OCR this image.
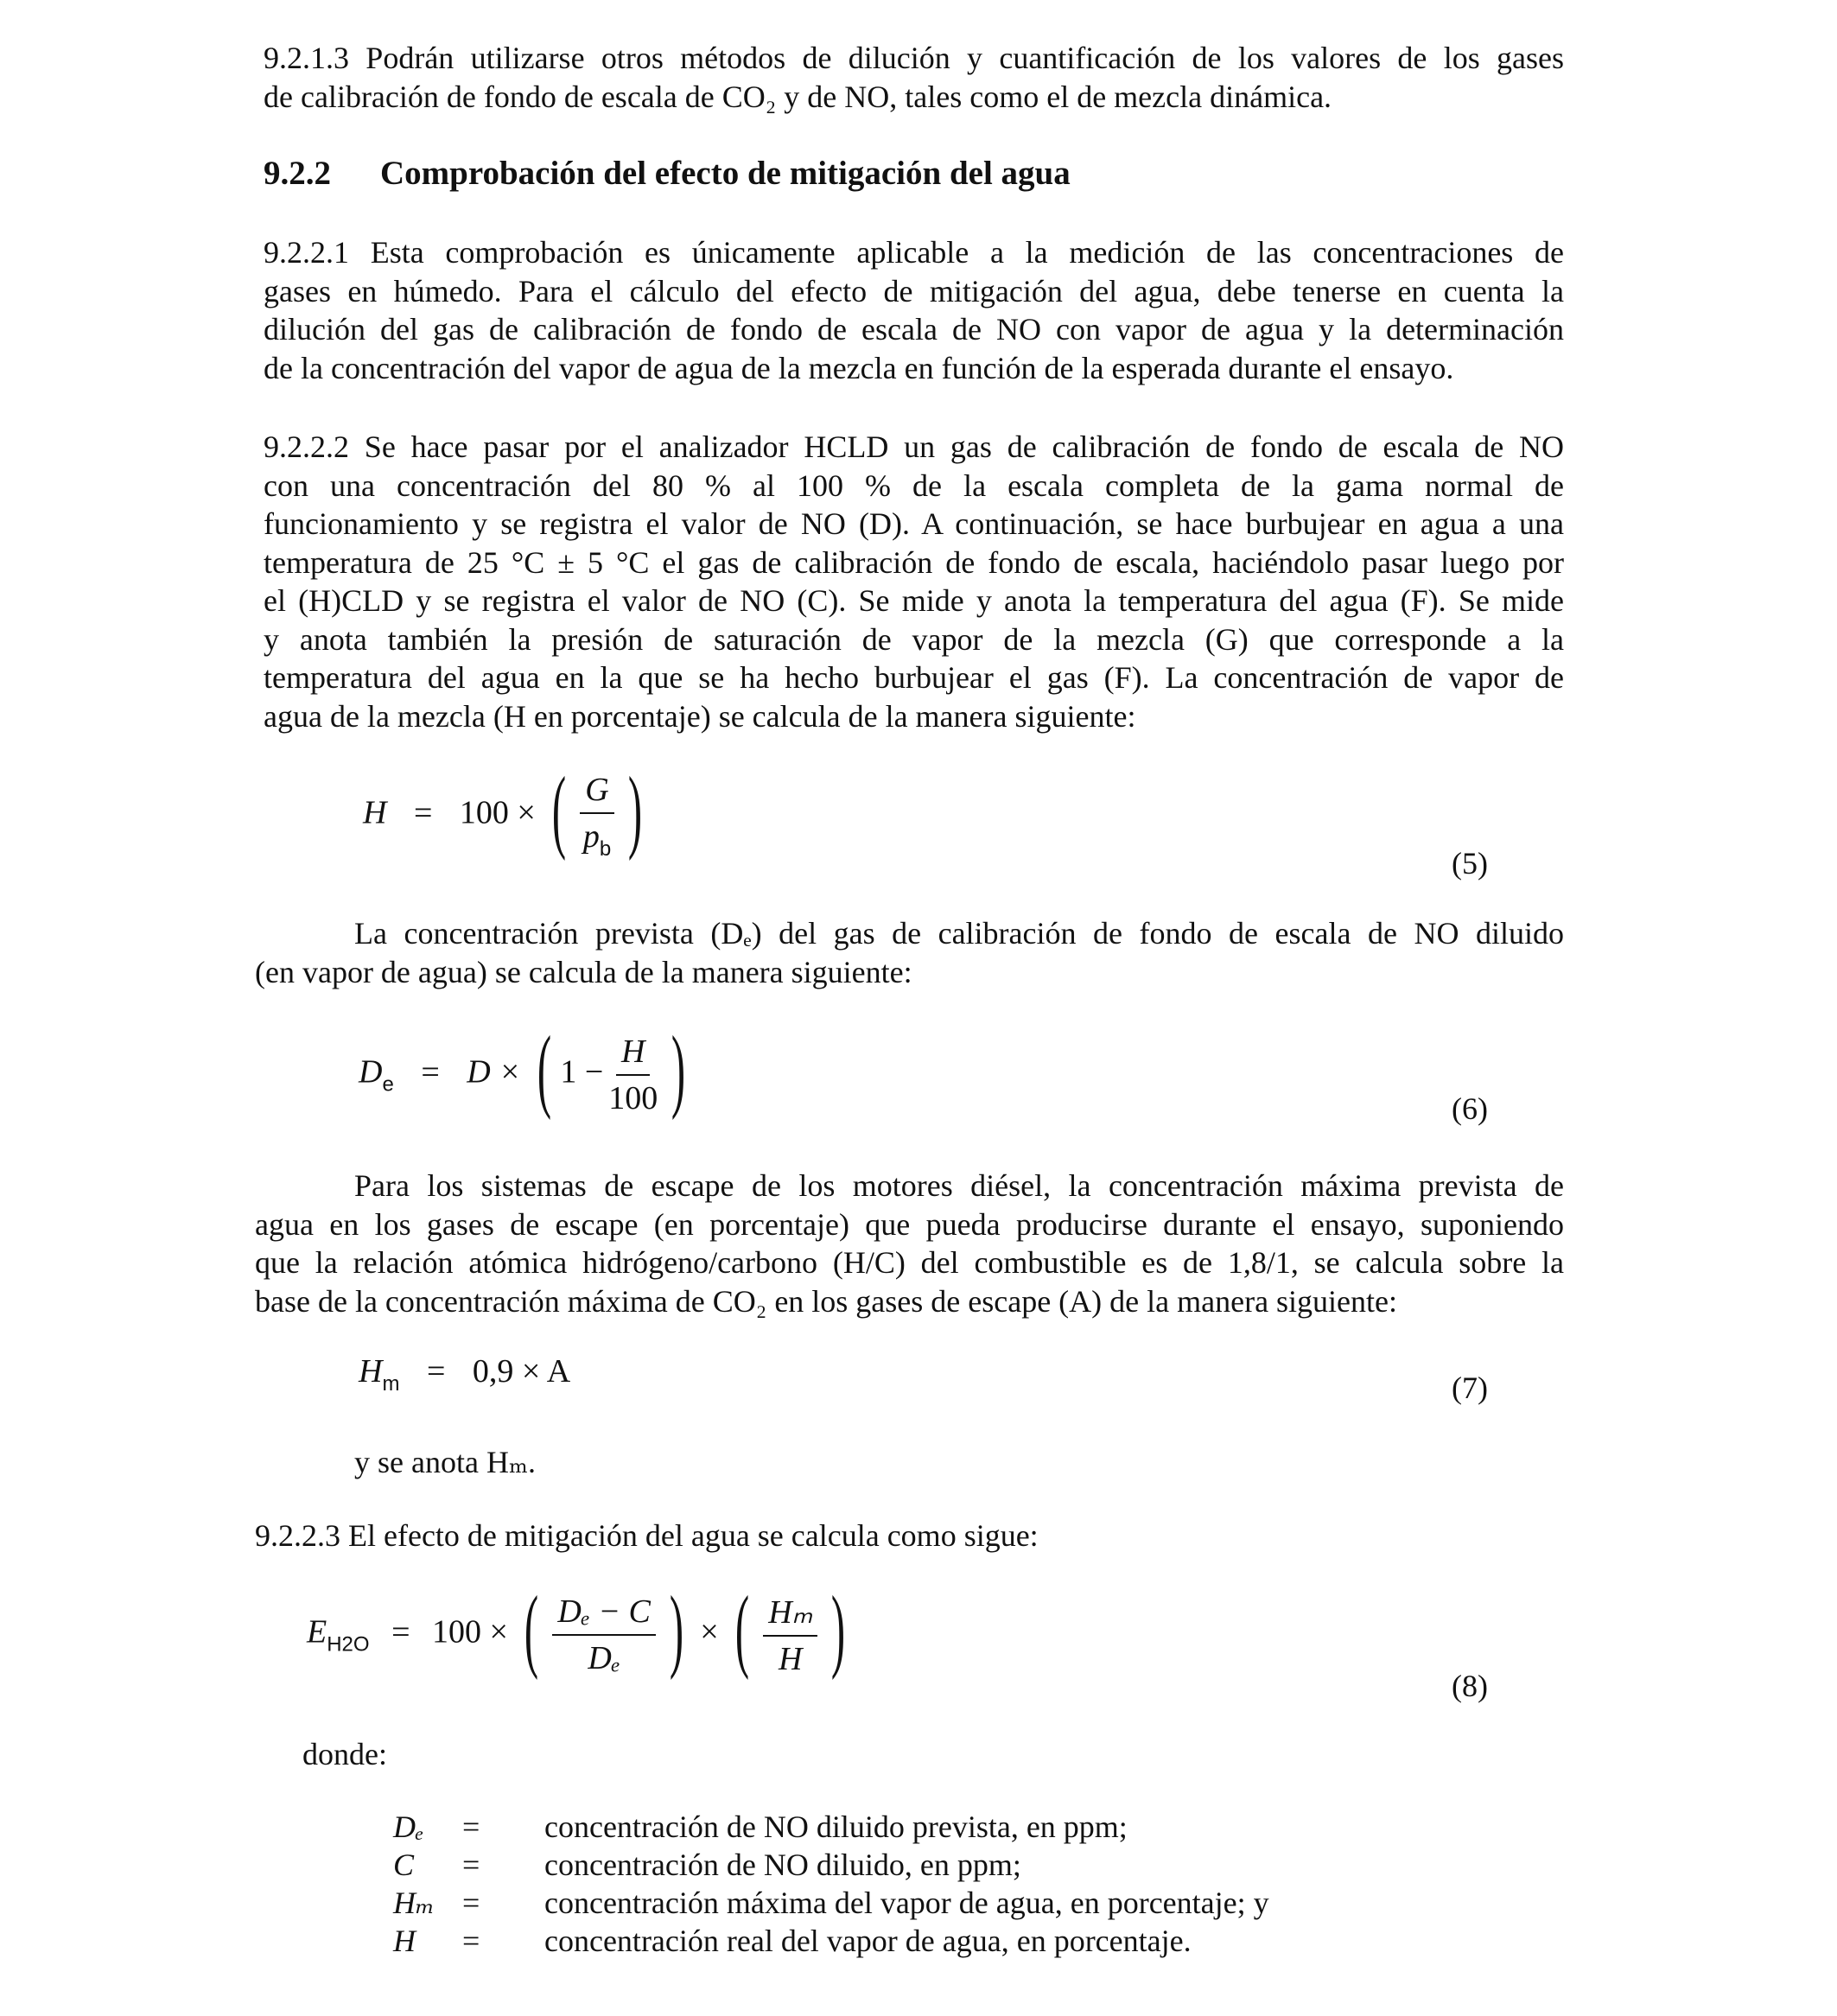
9.2.1.3 Podrán utilizarse otros métodos de dilución y cuantificación de los valores de los gases
de calibración de fondo de escala de CO₂ y de NO, tales como el de mezcla dinámica.
9.2.2 Comprobación del efecto de mitigación del agua
9.2.2.1 Esta comprobación es únicamente aplicable a la medición de las concentraciones de
gases en húmedo. Para el cálculo del efecto de mitigación del agua, debe tenerse en cuenta la
dilución del gas de calibración de fondo de escala de NO con vapor de agua y la determinación
de la concentración del vapor de agua de la mezcla en función de la esperada durante el ensayo.
9.2.2.2 Se hace pasar por el analizador HCLD un gas de calibración de fondo de escala de NO
con una concentración del 80 % al 100 % de la escala completa de la gama normal de
funcionamiento y se registra el valor de NO (D). A continuación, se hace burbujear en agua a una
temperatura de 25 °C ± 5 °C el gas de calibración de fondo de escala, haciéndolo pasar luego por
el (H)CLD y se registra el valor de NO (C). Se mide y anota la temperatura del agua (F). Se mide
y anota también la presión de saturación de vapor de la mezcla (G) que corresponde a la
temperatura del agua en la que se ha hecho burbujear el gas (F). La concentración de vapor de
agua de la mezcla (H en porcentaje) se calcula de la manera siguiente:
H = 100 × ( $\frac{G}{p_b}$ )
(5)
La concentración prevista (Dₑ) del gas de calibración de fondo de escala de NO diluido
(en vapor de agua) se calcula de la manera siguiente:
$D_e = D$ × ( $1 - \frac{H}{100}$ )	(6)
Para los sistemas de escape de los motores diésel, la concentración máxima prevista de
agua en los gases de escape (en porcentaje) que pueda producirse durante el ensayo, suponiendo
que la relación atómica hidrógeno/carbono (H/C) del combustible es de 1,8/1, se calcula sobre la
base de la concentración máxima de CO₂ en los gases de escape (A) de la manera siguiente:
$H_m = 0,9 \times A$	(7)
y se anota Hₘ.
9.2.2.3 El efecto de mitigación del agua se calcula como sigue:
$E_{H2O} = 100$ × ( $\frac{\text{Dₑ − C}}{\text{Dₑ}}$ ) × ( $\frac{\text{Hₘ}}{H}$ )
(8)
donde:
Dₑ	=	concentración de NO diluido prevista, en ppm;
C	=	concentración de NO diluido, en ppm;
Hₘ =	concentración máxima del vapor de agua, en porcentaje; y
H	=	concentración real del vapor de agua, en porcentaje.
